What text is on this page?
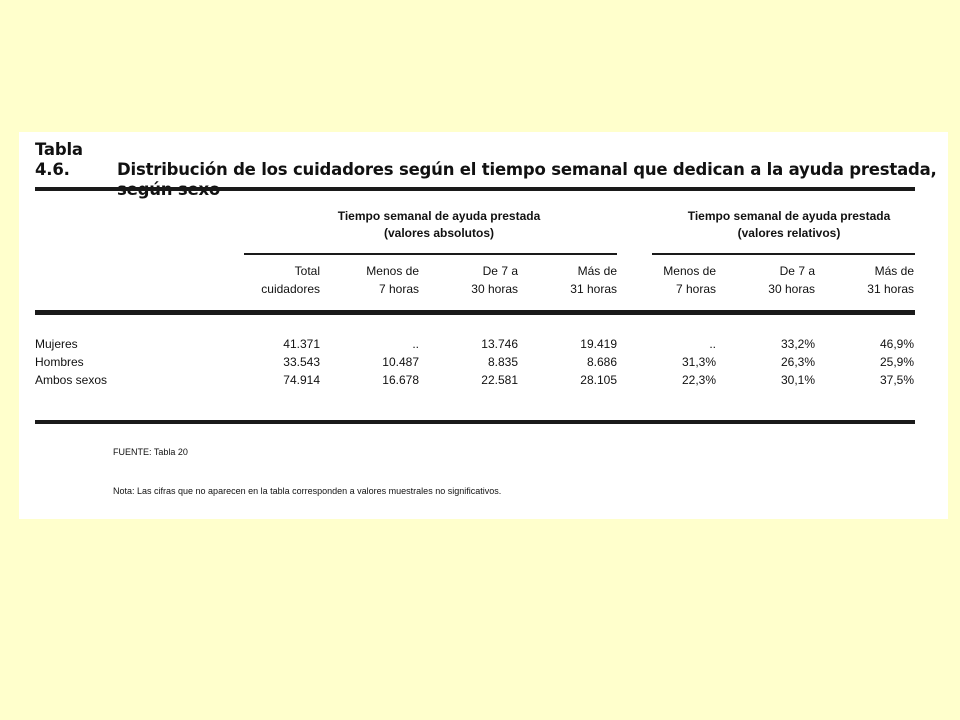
Tabla 4.6.	Distribución de los cuidadores según el tiempo semanal que dedican a la ayuda prestada,
Tiempo semanal de ayuda prestada
(valores absolutos)
Tiempo semanal de ayuda prestada
(valores relativos)
Total
cuidadores
Menos de
7 horas
De 7 a
30 horas
Más de
31 horas
Menos de
7 horas
De 7 a
30 horas
Más de
31 horas
Mujeres	41.371	..	13.746	19.419	..	33,2%	46,9%
Hombres	33.543	10.487	8.835	8.686	31,3%	26,3%	25,9%
Ambos sexos	74.914	16.678	22.581	28.105	22,3%	30,1%	37,5%
FUENTE: Tabla 20
Nota: Las cifras que no aparecen en la tabla corresponden a valores muestrales no significativos.
